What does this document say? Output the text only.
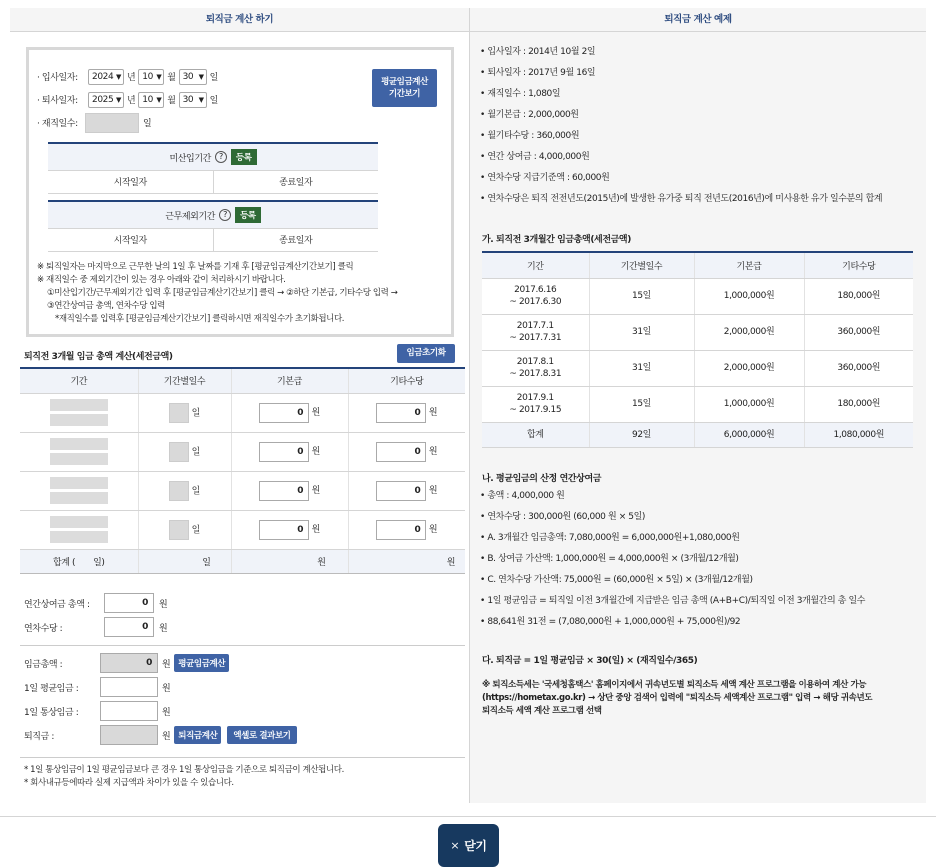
퇴직금 계산 하기
· 입사일자:	2024 ▼ 년 10 ▼ 월 30 ▼ 일
· 퇴사일자:	2025 ▼ 년 10 ▼ 월 30 ▼ 일
평균임금계산
기간보기
· 재직일수:	일
미산입기간	?	등록
시작일자	종료일자
근무제외기간	?	등록
시작일자	종료일자
※ 퇴직일자는 마지막으로 근무한 날의 1일 후 날짜를 기재 후 [평균임금계산기간보기] 클릭
※ 재직일수 중 제외기간이 있는 경우 아래와 같이 처리하시기 바랍니다.
①미산입기간/근무제외기간 입력 후 [평균임금계산기간보기] 클릭 → ②하단 기본급, 기타수당 입력 →
③연간상여금 총액, 연차수당 입력
*재직일수를 입력후 [평균임금계산기간보기] 클릭하시면 재직일수가 초기화됩니다.
퇴직전 3개월 임금 총액 계산(세전금액)	임금초기화
기간	기간별일수	기본급	기타수당

	일	0 원	0 원

	일	0 원	0 원

	일	0 원	0 원

	일	0 원	0 원
합계 ( 일)	일	원	원
연간상여금 총액 :	0	원
연차수당 :	0	원
임금총액 :	0	원 평균임금계산
1일 평균임금 :	원
1일 통상임금 :	원
퇴직금 :	원 퇴직금계산	엑셀로 결과보기
* 1일 통상임금이 1일 평균임금보다 큰 경우 1일 통상임금을 기준으로 퇴직금이 계산됩니다.
* 회사내규등에따라 실제 지급액과 차이가 있을 수 있습니다.
퇴직금 계산 예제
• 입사일자 : 2014년 10월 2일
• 퇴사일자 : 2017년 9월 16일
• 재직일수 : 1,080일
• 월기본급 : 2,000,000원
• 월기타수당 : 360,000원
• 연간 상여금 : 4,000,000원
• 연차수당 지급기준액 : 60,000원
• 연차수당은 퇴직 전전년도(2015년)에 발생한 유가중 퇴직 전년도(2016년)에 미사용한 유가 일수분의 합계
가. 퇴직전 3개월간 임금총액(세전금액)
기간	기간별일수	기본급	기타수당

2017.6.16
~ 2017.6.30	15일	1,000,000원	180,000원

2017.7.1
~ 2017.7.31	31일	2,000,000원	360,000원

2017.8.1
~ 2017.8.31	31일	2,000,000원	360,000원

2017.9.1
~ 2017.9.15	15일	1,000,000원	180,000원
합계	92일	6,000,000원	1,080,000원
나. 평균임금의 산정 연간상여금
• 총액 : 4,000,000 원
• 연차수당 : 300,000원 (60,000 원 × 5일)
• A. 3개월간 임금총액: 7,080,000원 = 6,000,000원+1,080,000원
• B. 상여금 가산액: 1,000,000원 = 4,000,000원 × (3개월/12개월)
• C. 연차수당 가산액: 75,000원 = (60,000원 × 5일) × (3개월/12개월)
• 1일 평균임금 = 퇴직일 이전 3개월간에 지급받은 임금 총액 (A+B+C)/퇴직일 이전 3개월간의 총 일수
• 88,641원 31전 = (7,080,000원 + 1,000,000원 + 75,000원)/92
다. 퇴직금 = 1일 평균임금 × 30(일) × (재직일수/365)
※ 퇴직소득세는 '국세청홈택스' 홈페이지에서 귀속년도별 퇴직소득 세액 계산 프로그램을 이용하여 계산 가능
(https://hometax.go.kr) → 상단 중앙 검색어 입력에 "퇴직소득 세액계산 프로그램" 입력 → 해당 귀속년도
퇴직소득 세액 계산 프로그램 선택
× 닫기
